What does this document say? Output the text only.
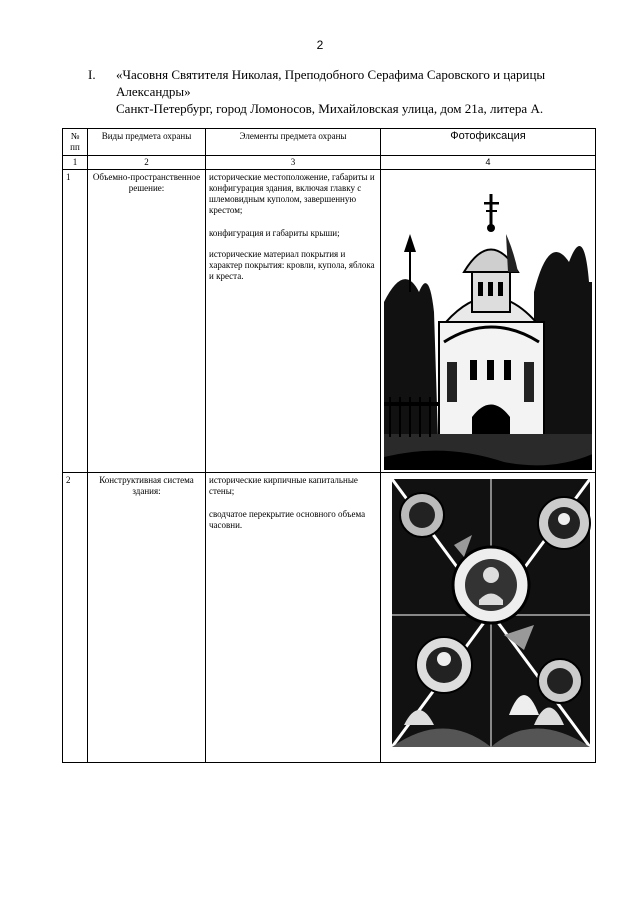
2
I. «Часовня Святителя Николая, Преподобного Серафима Саровского и царицы Александры»
Санкт-Петербург, город Ломоносов, Михайловская улица, дом 21а, литера А.
№ пп	Виды предмета охраны	Элементы предмета охраны	Фотофиксация
1	2	3	4
1	Объемно-пространственное решение:	исторические местоположение, габариты и конфигурация здания, включая главку с шлемовидным куполом, завершенную крестом;

конфигурация и габариты крыши;

исторические материал покрытия и характер покрытия: кровли, купола, яблока и креста.

2	Конструктивная система здания:	исторические кирпичные капитальные стены;

сводчатое перекрытие основного объема часовни.
